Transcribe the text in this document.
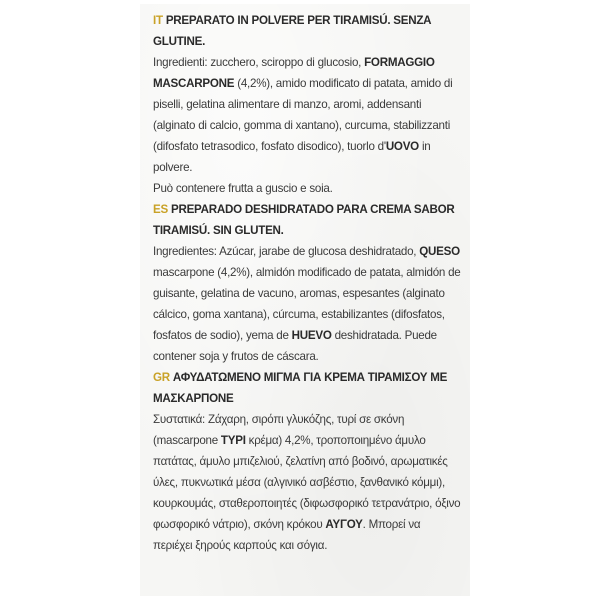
IT PREPARATO IN POLVERE PER TIRAMISÚ. SENZA GLUTINE.
Ingredienti: zucchero, sciroppo di glucosio, FORMAGGIO MASCARPONE (4,2%), amido modificato di patata, amido di piselli, gelatina alimentare di manzo, aromi, addensanti (alginato di calcio, gomma di xantano), curcuma, stabilizzanti (difosfato tetrasodico, fosfato disodico), tuorlo d'UOVO in polvere.
Può contenere frutta a guscio e soia.
ES PREPARADO DESHIDRATADO PARA CREMA SABOR TIRAMISÚ. SIN GLUTEN.
Ingredientes: Azúcar, jarabe de glucosa deshidratado, QUESO mascarpone (4,2%), almidón modificado de patata, almidón de guisante, gelatina de vacuno, aromas, espesantes (alginato cálcico, goma xantana), cúrcuma, estabilizantes (difosfatos, fosfatos de sodio), yema de HUEVO deshidratada. Puede contener soja y frutos de cáscara.
GR ΑΦΥΔΑΤΩΜΕΝΟ ΜΙΓΜΑ ΓΙΑ ΚΡΕΜΑ ΤΙΡΑΜΙΣΟΥ ΜΕ ΜΑΣΚΑΡΠΟΝΕ
Συστατικά: Ζάχαρη, σιρόπι γλυκόζης, τυρί σε σκόνη (mascarpone ΤΥΡΙ κρέμα) 4,2%, τροποποιημένο άμυλο πατάτας, άμυλο μπιζελιού, ζελατίνη από βοδινό, αρωματικές ύλες, πυκνωτικά μέσα (αλγινικό ασβέστιο, ξανθανικό κόμμι), κουρκουμάς, σταθεροποιητές (διφωσφορικό τετρανάτριο, όξινο φωσφορικό νάτριο), σκόνη κρόκου ΑΥΓΟΥ. Μπορεί να περιέχει ξηρούς καρπούς και σόγια.
